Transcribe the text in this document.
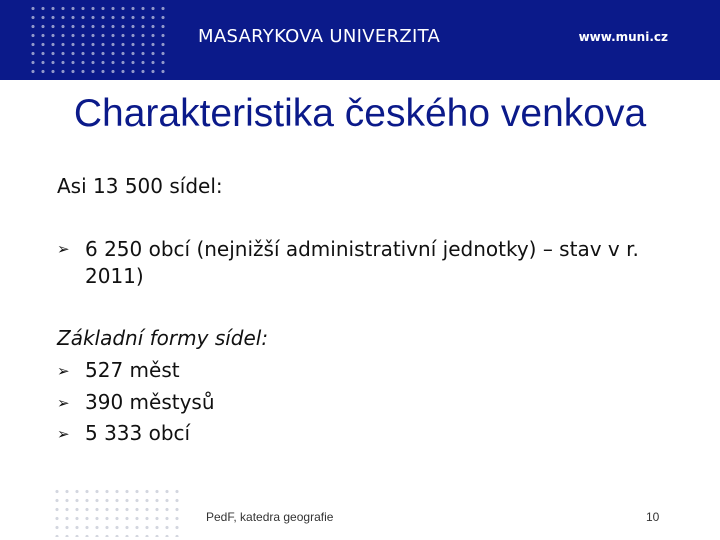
MASARYKOVA UNIVERZITA	www.muni.cz
Charakteristika českého venkova
Asi 13 500 sídel:
➢ 6 250 obcí (nejnižší administrativní jednotky) – stav v r.
2011)
Základní formy sídel:
➢ 527 měst
➢ 390 městysů
➢ 5 333 obcí
PedF, katedra geografie	10
